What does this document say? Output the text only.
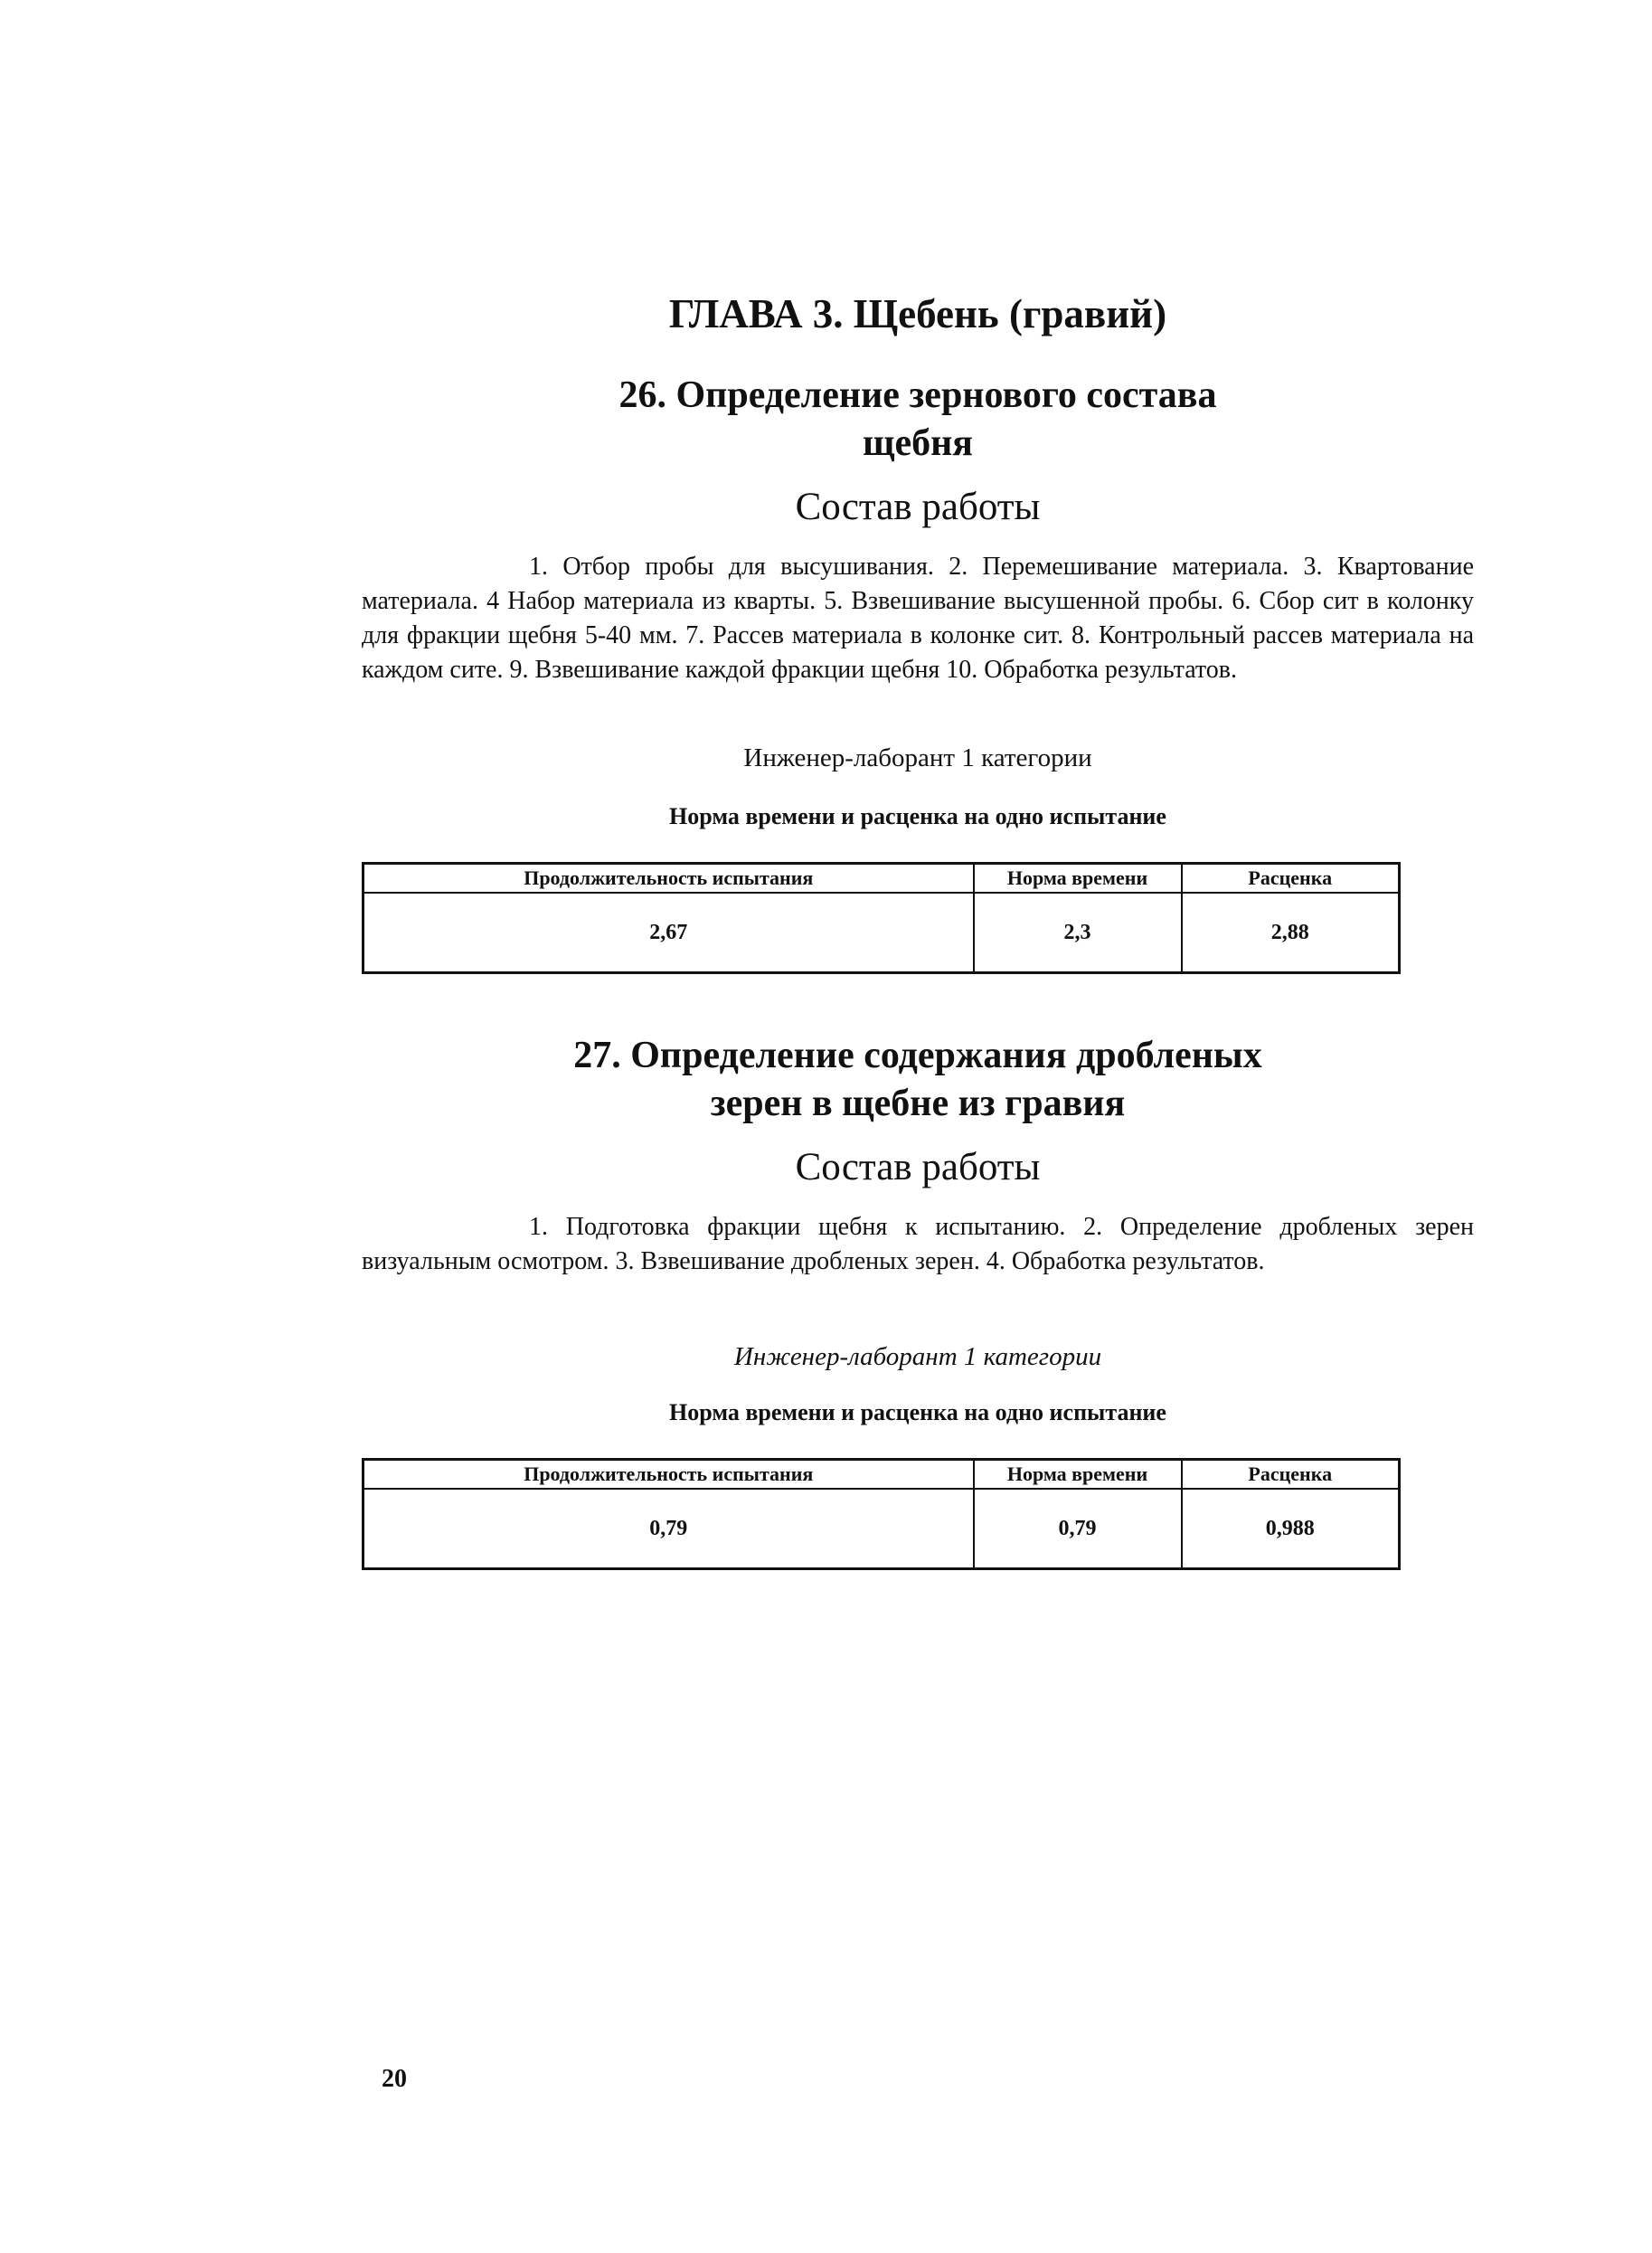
ГЛАВА 3. Щебень (гравий)
26. Определение зернового состава
щебня
Состав работы

1. Отбор пробы для высушивания. 2. Перемешивание материала. 3. Квартование материала. 4 Набор материала из кварты. 5. Взвешивание высушенной пробы. 6. Сбор сит в колонку для фракции щебня 5-40 мм. 7. Рассев материала в колонке сит. 8. Контрольный рассев материала на каждом сите. 9. Взвешивание каждой фракции щебня 10. Обработка результатов.

Инженер-лаборант 1 категории

Норма времени и расценка на одно испытание

Продолжительность испытания	Норма времени	Расценка
2,67	2,3	2,88
27. Определение содержания дробленых
зерен в щебне из гравия
Состав работы

1. Подготовка фракции щебня к испытанию. 2. Определение дробленых зерен визуальным осмотром. 3. Взвешивание дробленых зерен. 4. Обработка результатов.

Инженер-лаборант 1 категории

Норма времени и расценка на одно испытание

Продолжительность испытания	Норма времени	Расценка
0,79	0,79	0,988

20
